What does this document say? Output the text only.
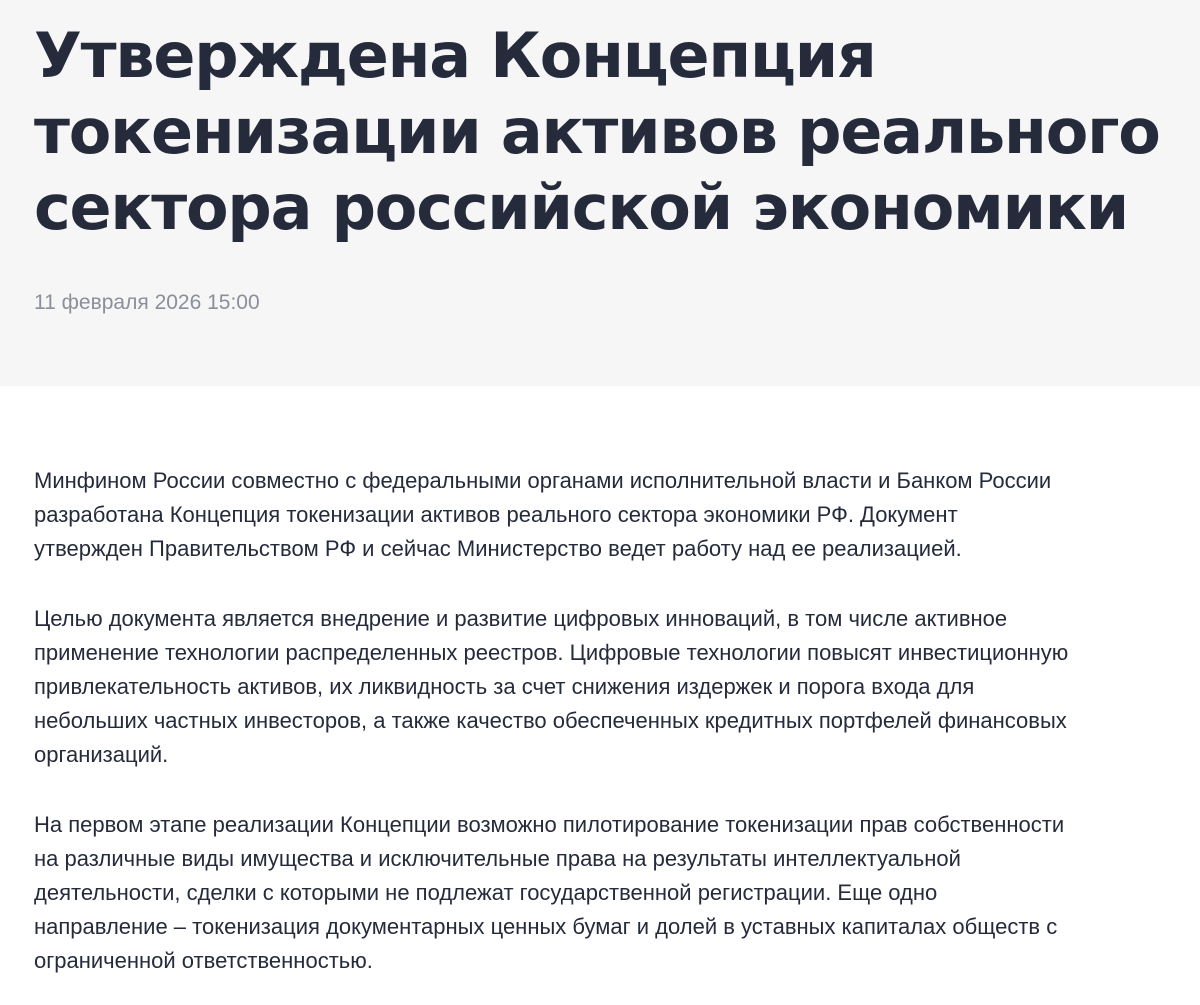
Утверждена Концепция
токенизации активов реального
сектора российской экономики
11 февраля 2026 15:00

Минфином России совместно с федеральными органами исполнительной власти и Банком России
разработана Концепция токенизации активов реального сектора экономики РФ. Документ
утвержден Правительством РФ и сейчас Министерство ведет работу над ее реализацией.

Целью документа является внедрение и развитие цифровых инноваций, в том числе активное
применение технологии распределенных реестров. Цифровые технологии повысят инвестиционную
привлекательность активов, их ликвидность за счет снижения издержек и порога входа для
небольших частных инвесторов, а также качество обеспеченных кредитных портфелей финансовых
организаций.

На первом этапе реализации Концепции возможно пилотирование токенизации прав собственности
на различные виды имущества и исключительные права на результаты интеллектуальной
деятельности, сделки с которыми не подлежат государственной регистрации. Еще одно
направление – токенизация документарных ценных бумаг и долей в уставных капиталах обществ с
ограниченной ответственностью.
